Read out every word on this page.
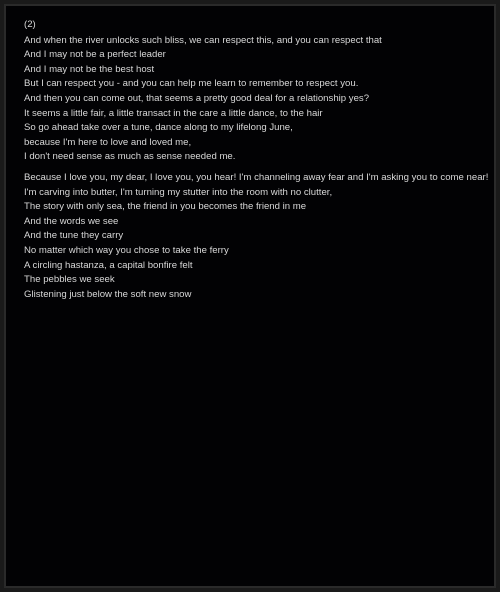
(2)
And when the river unlocks such bliss, we can respect this, and you can respect that
And I may not be a perfect leader
And I may not be the best host
But I can respect you - and you can help me learn to remember to respect you.
And then you can come out, that seems a pretty good deal for a relationship yes?
It seems a little fair, a little transact in the care a little dance, to the hair
So go ahead take over a tune, dance along to my lifelong June,
because I'm here to love and loved me,
I don't need sense as much as sense needed me.
Because I love you, my dear, I love you, you hear! I'm channeling away fear and I'm asking you to come near!
I'm carving into butter, I'm turning my stutter into the room with no clutter,
The story with only sea, the friend in you becomes the friend in me
And the words we see
And the tune they carry
No matter which way you chose to take the ferry
A circling hastanza, a capital bonfire felt
The pebbles we seek
Glistening just below the soft new snow
